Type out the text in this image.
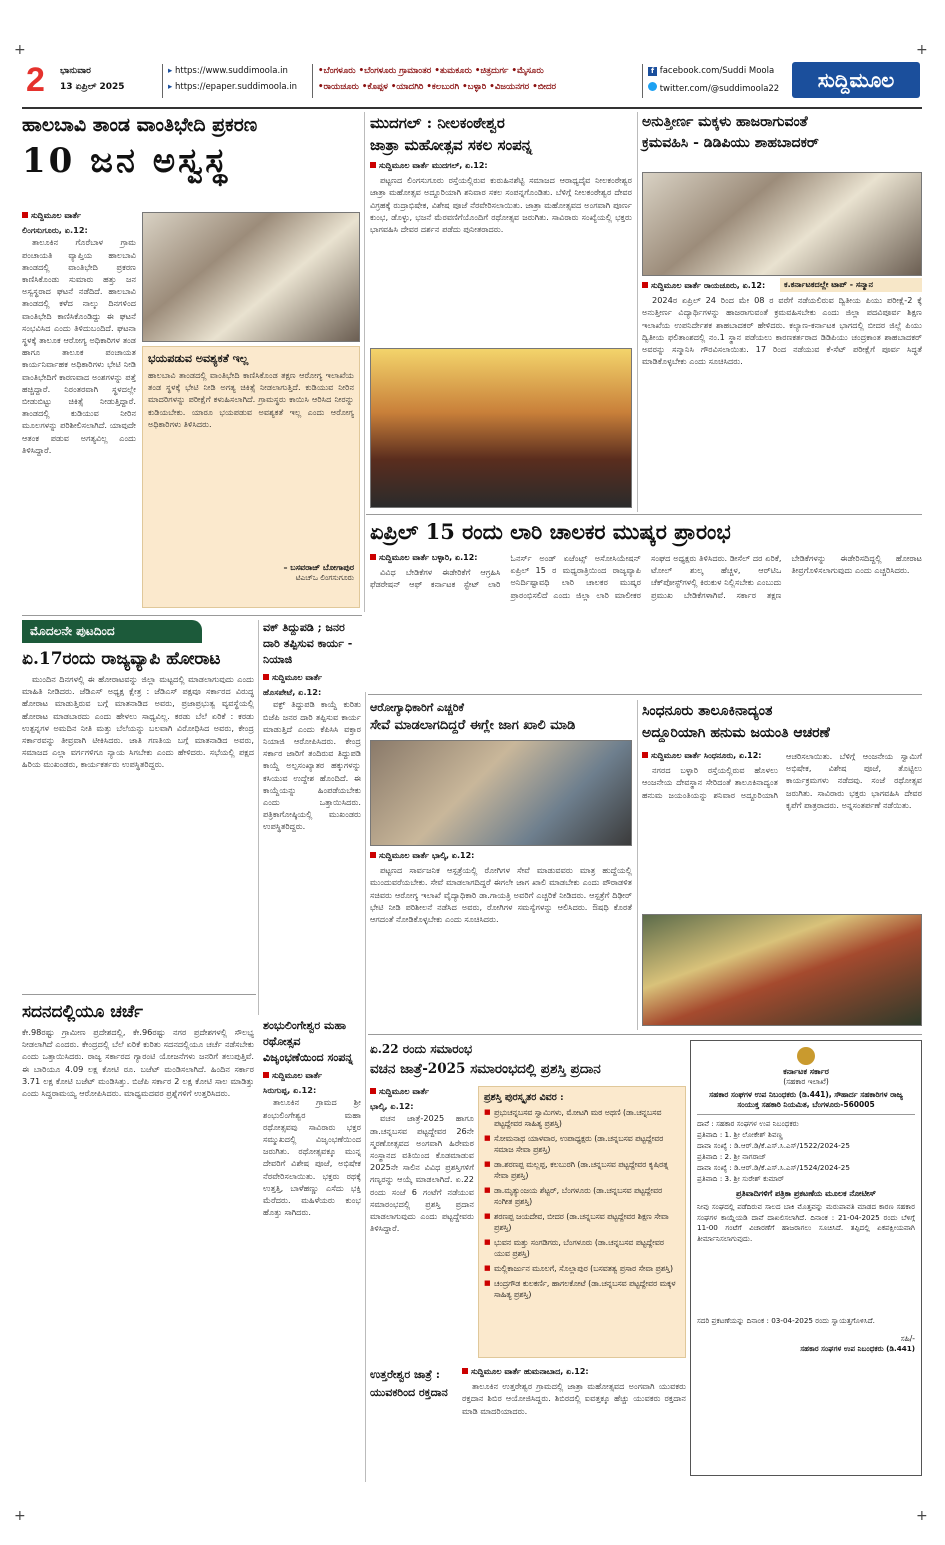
+	+
+	+
2 ಭಾನುವಾರ
13 ಏಪ್ರಿಲ್ 2025
▸ https://www.suddimoola.in
▸ https://epaper.suddimoola.in
•ಬೆಂಗಳೂರು •ಬೆಂಗಳೂರು ಗ್ರಾಮಾಂತರ •ತುಮಕೂರು •ಚಿತ್ರದುರ್ಗ •ಮೈಸೂರು
•ರಾಯಚೂರು •ಕೊಪ್ಪಳ •ಯಾದಗಿರಿ •ಕಲಬುರಗಿ •ಬಳ್ಳಾರಿ •ವಿಜಯನಗರ •ಬೀದರ
f facebook.com/Suddi Moola
twitter.com/@suddimoola22	ಸುದ್ದಿಮೂಲ
ಹಾಲಬಾವಿ ತಾಂಡ ವಾಂತಿಭೇದಿ ಪ್ರಕರಣ
10 ಜನ ಅಸ್ವಸ್ಥ
ಸುದ್ದಿಮೂಲ ವಾರ್ತೆ
ಲಿಂಗಸುಗೂರು, ಏ.12:

ತಾಲೂಕಿನ ಗೊರೆಬಾಳ ಗ್ರಾಮ ಪಂಚಾಯತಿ ವ್ಯಾಪ್ತಿಯ ಹಾಲಬಾವಿ ತಾಂಡದಲ್ಲಿ ವಾಂತಿಭೇದಿ ಪ್ರಕರಣ ಕಾಣಿಸಿಕೊಂಡು ಸುಮಾರು ಹತ್ತು ಜನ ಅಸ್ವಸ್ಥರಾದ ಘಟನೆ ನಡೆದಿದೆ. ಹಾಲಬಾವಿ ತಾಂಡದಲ್ಲಿ ಕಳೆದ ನಾಲ್ಕು ದಿನಗಳಿಂದ ವಾಂತಿಭೇದಿ ಕಾಣಿಸಿಕೊಂಡಿದ್ದು ಈ ಘಟನೆ ಸಂಭವಿಸಿದ ಎಂದು ತಿಳಿದುಬಂದಿದೆ. ಘಟನಾ ಸ್ಥಳಕ್ಕೆ ತಾಲೂಕ ಆರೋಗ್ಯ ಅಧಿಕಾರಿಗಳ ತಂಡ ಹಾಗೂ ತಾಲೂಕ ಪಂಚಾಯತ ಕಾರ್ಯನಿರ್ವಾಹಕ ಅಧಿಕಾರಿಗಳು ಭೇಟಿ ನೀಡಿ ವಾಂತಿಭೇದಿಗೆ ಕಾರಣವಾದ ಅಂಶಗಳನ್ನು ಪತ್ತೆ ಹಚ್ಚಿದ್ದಾರೆ. ನಿರಂತರವಾಗಿ ಸ್ಥಳದಲ್ಲೇ ಬೀಡುಬಿಟ್ಟು ಚಿಕಿತ್ಸೆ ನೀಡುತ್ತಿದ್ದಾರೆ. ತಾಂಡದಲ್ಲಿ ಕುಡಿಯುವ ನೀರಿನ ಮೂಲಗಳನ್ನು ಪರಿಶೀಲಿಸಲಾಗಿದೆ. ಯಾವುದೇ ಆತಂಕ ಪಡುವ ಅಗತ್ಯವಿಲ್ಲ ಎಂದು ತಿಳಿಸಿದ್ದಾರೆ.

ಭಯಪಡುವ ಅವಶ್ಯಕತೆ ಇಲ್ಲ
ಹಾಲಬಾವಿ ತಾಂಡದಲ್ಲಿ ವಾಂತಿಭೇದಿ ಕಾಣಿಸಿಕೊಂಡ ತಕ್ಷಣ ಆರೋಗ್ಯ ಇಲಾಖೆಯ ತಂಡ ಸ್ಥಳಕ್ಕೆ ಭೇಟಿ ನೀಡಿ ಅಗತ್ಯ ಚಿಕಿತ್ಸೆ ನೀಡಲಾಗುತ್ತಿದೆ. ಕುಡಿಯುವ ನೀರಿನ ಮಾದರಿಗಳನ್ನು ಪರೀಕ್ಷೆಗೆ ಕಳುಹಿಸಲಾಗಿದೆ. ಗ್ರಾಮಸ್ಥರು ಕಾಯಿಸಿ ಆರಿಸಿದ ನೀರನ್ನು ಕುಡಿಯಬೇಕು. ಯಾರೂ ಭಯಪಡುವ ಅವಶ್ಯಕತೆ ಇಲ್ಲ ಎಂದು ಆರೋಗ್ಯ ಅಧಿಕಾರಿಗಳು ತಿಳಿಸಿದರು.
– ಬಸವರಾಜ್ ಬೋಗಾಪುರ
ಟಿಎಚ್ಒ ಲಿಂಗಸುಗೂರು
ಮುದಗಲ್ : ನೀಲಕಂಠೇಶ್ವರ
ಜಾತ್ರಾ ಮಹೋತ್ಸವ ಸಕಲ ಸಂಪನ್ನ
ಸುದ್ದಿಮೂಲ ವಾರ್ತೆ ಮುದಗಲ್, ಏ.12:

ಪಟ್ಟಣದ ಲಿಂಗಸುಗೂರು ರಸ್ತೆಯಲ್ಲಿರುವ ಕುರುಹಿನಶೆಟ್ಟಿ ಸಮಾಜದ ಆರಾಧ್ಯದೈವ ನೀಲಕಂಠೇಶ್ವರ ಜಾತ್ರಾ ಮಹೋತ್ಸವ ಅದ್ದೂರಿಯಾಗಿ ಶನಿವಾರ ಸಕಲ ಸಂಪನ್ನಗೊಂಡಿತು. ಬೆಳಿಗ್ಗೆ ನೀಲಕಂಠೇಶ್ವರ ದೇವರ ವಿಗ್ರಹಕ್ಕೆ ರುದ್ರಾಭಿಷೇಕ, ವಿಶೇಷ ಪೂಜೆ ನೆರವೇರಿಸಲಾಯಿತು. ಜಾತ್ರಾ ಮಹೋತ್ಸವದ ಅಂಗವಾಗಿ ಪೂರ್ಣ ಕುಂಭ, ಡೊಳ್ಳು, ಭಜನೆ ಮೆರವಣಿಗೆಯೊಂದಿಗೆ ರಥೋತ್ಸವ ಜರುಗಿತು. ಸಾವಿರಾರು ಸಂಖ್ಯೆಯಲ್ಲಿ ಭಕ್ತರು ಭಾಗವಹಿಸಿ ದೇವರ ದರ್ಶನ ಪಡೆದು ಪುನೀತರಾದರು.

ಅನುತ್ತೀರ್ಣ ಮಕ್ಕಳು ಹಾಜರಾಗುವಂತೆ
ಕ್ರಮವಹಿಸಿ - ಡಿಡಿಪಿಯು ಶಾಹಬಾದಕರ್
ಕ.ಕರ್ನಾಟಕದಲ್ಲೇ ಟಾಪ್ - ಸನ್ಮಾನ
ಸುದ್ದಿಮೂಲ ವಾರ್ತೆ ರಾಯಚೂರು, ಏ.12:

2024ರ ಏಪ್ರಿಲ್ 24 ರಿಂದ ಮೇ 08 ರ ವರೆಗೆ ನಡೆಯಲಿರುವ ದ್ವಿತೀಯ ಪಿಯು ಪರೀಕ್ಷೆ-2 ಕ್ಕೆ ಅನುತ್ತೀರ್ಣ ವಿದ್ಯಾರ್ಥಿಗಳನ್ನು ಹಾಜರಾಗುವಂತೆ ಕ್ರಮವಹಿಸಬೇಕು ಎಂದು ಜಿಲ್ಲಾ ಪದವಿಪೂರ್ವ ಶಿಕ್ಷಣ ಇಲಾಖೆಯ ಉಪನಿರ್ದೇಶಕ ಶಾಹಬಾದಕರ್ ಹೇಳಿದರು. ಕಲ್ಯಾಣ-ಕರ್ನಾಟಕ ಭಾಗದಲ್ಲಿ ಬೀದರ ಜಿಲ್ಲೆ ಪಿಯು ದ್ವಿತೀಯ ಫಲಿತಾಂಶದಲ್ಲಿ ನಂ.1 ಸ್ಥಾನ ಪಡೆಯಲು ಕಾರಣಕರ್ತರಾದ ಡಿಡಿಪಿಯು ಚಂದ್ರಕಾಂತ ಶಾಹಬಾದಕರ್ ಅವರನ್ನು ಸನ್ಮಾನಿಸಿ ಗೌರವಿಸಲಾಯಿತು. 17 ರಿಂದ ನಡೆಯುವ ಕೆ-ಸೆಟ್ ಪರೀಕ್ಷೆಗೆ ಪೂರ್ವ ಸಿದ್ಧತೆ ಮಾಡಿಕೊಳ್ಳಬೇಕು ಎಂದು ಸೂಚಿಸಿದರು.

ಏಪ್ರಿಲ್ 15 ರಂದು ಲಾರಿ ಚಾಲಕರ ಮುಷ್ಕರ ಪ್ರಾರಂಭ
ಸುದ್ದಿಮೂಲ ವಾರ್ತೆ ಬಳ್ಳಾರಿ, ಏ.12:

ವಿವಿಧ ಬೇಡಿಕೆಗಳ ಈಡೇರಿಕೆಗೆ ಆಗ್ರಹಿಸಿ ಫೆಡರೇಷನ್ ಆಫ್ ಕರ್ನಾಟಕ ಸ್ಟೇಟ್ ಲಾರಿ ಓನರ್ಸ್ ಅಂಡ್ ಏಜೆಂಟ್ಸ್ ಅಸೋಸಿಯೇಷನ್ ಏಪ್ರಿಲ್ 15 ರ ಮಧ್ಯರಾತ್ರಿಯಿಂದ ರಾಜ್ಯವ್ಯಾಪಿ ಅನಿರ್ದಿಷ್ಟಾವಧಿ ಲಾರಿ ಚಾಲಕರ ಮುಷ್ಕರ ಪ್ರಾರಂಭಿಸಲಿದೆ ಎಂದು ಜಿಲ್ಲಾ ಲಾರಿ ಮಾಲೀಕರ ಸಂಘದ ಅಧ್ಯಕ್ಷರು ತಿಳಿಸಿದರು. ಡೀಸೆಲ್ ದರ ಏರಿಕೆ, ಟೋಲ್ ಶುಲ್ಕ ಹೆಚ್ಚಳ, ಆರ್‌ಟಿಒ ಚೆಕ್‌ಪೋಸ್ಟ್‌ಗಳಲ್ಲಿ ಕಿರುಕುಳ ನಿಲ್ಲಿಸಬೇಕು ಎಂಬುದು ಪ್ರಮುಖ ಬೇಡಿಕೆಗಳಾಗಿವೆ. ಸರ್ಕಾರ ತಕ್ಷಣ ಬೇಡಿಕೆಗಳನ್ನು ಈಡೇರಿಸದಿದ್ದಲ್ಲಿ ಹೋರಾಟ ತೀವ್ರಗೊಳಿಸಲಾಗುವುದು ಎಂದು ಎಚ್ಚರಿಸಿದರು.

ಮೊದಲನೇ ಪುಟದಿಂದ
ಏ.17ರಂದು ರಾಜ್ಯವ್ಯಾಪಿ ಹೋರಾಟ
ಮುಂದಿನ ದಿನಗಳಲ್ಲಿ ಈ ಹೋರಾಟವನ್ನು ಜಿಲ್ಲಾ ಮಟ್ಟದಲ್ಲಿ ಮಾಡಲಾಗುವುದು ಎಂದು ಮಾಹಿತಿ ನೀಡಿದರು. ಜೆಡಿಎಸ್ ಅಧ್ಯಕ್ಷ ಕ್ಷೇತ್ರ : ಜೆಡಿಎಸ್ ಪಕ್ಷವೂ ಸರ್ಕಾರದ ವಿರುದ್ಧ ಹೋರಾಟ ಮಾಡುತ್ತಿರುವ ಬಗ್ಗೆ ಮಾತನಾಡಿದ ಅವರು, ಪ್ರಜಾಪ್ರಭುತ್ವ ವ್ಯವಸ್ಥೆಯಲ್ಲಿ ಹೋರಾಟ ಮಾಡಬಾರದು ಎಂದು ಹೇಳಲು ಸಾಧ್ಯವಿಲ್ಲ. ಕರಡು ಬೆಲೆ ಏರಿಕೆ : ಕರಡು ಉತ್ಪನ್ನಗಳ ಅಮದಿನ ನೀತಿ ಮತ್ತು ಬೆಲೆಯನ್ನು ಬಲವಾಗಿ ವಿರೋಧಿಸಿದ ಅವರು, ಕೇಂದ್ರ ಸರ್ಕಾರವನ್ನು ತೀವ್ರವಾಗಿ ಟೀಕಿಸಿದರು. ಜಾತಿ ಗಣತಿಯ ಬಗ್ಗೆ ಮಾತನಾಡಿದ ಅವರು, ಸಮಾಜದ ಎಲ್ಲಾ ವರ್ಗಗಳಿಗೂ ನ್ಯಾಯ ಸಿಗಬೇಕು ಎಂದು ಹೇಳಿದರು. ಸಭೆಯಲ್ಲಿ ಪಕ್ಷದ ಹಿರಿಯ ಮುಖಂಡರು, ಕಾರ್ಯಕರ್ತರು ಉಪಸ್ಥಿತರಿದ್ದರು.
ವಕ್ ತಿದ್ದುಪಡಿ ; ಜನರ ದಾರಿ ತಪ್ಪಿಸುವ ಕಾರ್ಯ - ನಿಯಾಜಿ
ಸುದ್ದಿಮೂಲ ವಾರ್ತೆ
ಹೊಸಪೇಟೆ, ಏ.12:

ವಕ್ಫ್ ತಿದ್ದುಪಡಿ ಕಾಯ್ದೆ ಕುರಿತು ಬಿಜೆಪಿ ಜನರ ದಾರಿ ತಪ್ಪಿಸುವ ಕಾರ್ಯ ಮಾಡುತ್ತಿದೆ ಎಂದು ಕೆಪಿಸಿಸಿ ವಕ್ತಾರ ನಿಯಾಜಿ ಆರೋಪಿಸಿದರು. ಕೇಂದ್ರ ಸರ್ಕಾರ ಜಾರಿಗೆ ತಂದಿರುವ ತಿದ್ದುಪಡಿ ಕಾಯ್ದೆ ಅಲ್ಪಸಂಖ್ಯಾತರ ಹಕ್ಕುಗಳನ್ನು ಕಸಿಯುವ ಉದ್ದೇಶ ಹೊಂದಿದೆ. ಈ ಕಾಯ್ದೆಯನ್ನು ಹಿಂಪಡೆಯಬೇಕು ಎಂದು ಒತ್ತಾಯಿಸಿದರು. ಪತ್ರಿಕಾಗೋಷ್ಠಿಯಲ್ಲಿ ಮುಖಂಡರು ಉಪಸ್ಥಿತರಿದ್ದರು.

ಸದನದಲ್ಲಿಯೂ ಚರ್ಚೆ
ಕೇ.98ರಷ್ಟು ಗ್ರಾಮೀಣ ಪ್ರದೇಶದಲ್ಲಿ, ಕೇ.96ರಷ್ಟು ನಗರ ಪ್ರದೇಶಗಳಲ್ಲಿ ಸೌಲಭ್ಯ ನೀಡಲಾಗಿದೆ ಎಂದರು. ಕೇಂದ್ರದಲ್ಲಿ ಬೆಲೆ ಏರಿಕೆ ಕುರಿತು ಸದನದಲ್ಲಿಯೂ ಚರ್ಚೆ ನಡೆಸಬೇಕು ಎಂದು ಒತ್ತಾಯಿಸಿದರು. ರಾಜ್ಯ ಸರ್ಕಾರದ ಗ್ಯಾರಂಟಿ ಯೋಜನೆಗಳು ಜನರಿಗೆ ತಲುಪುತ್ತಿವೆ. ಈ ಬಾರಿಯೂ 4.09 ಲಕ್ಷ ಕೋಟಿ ರೂ. ಬಜೆಟ್ ಮಂಡಿಸಲಾಗಿದೆ. ಹಿಂದಿನ ಸರ್ಕಾರ 3.71 ಲಕ್ಷ ಕೋಟಿ ಬಜೆಟ್ ಮಂಡಿಸಿತ್ತು. ಬಿಜೆಪಿ ಸರ್ಕಾರ 2 ಲಕ್ಷ ಕೋಟಿ ಸಾಲ ಮಾಡಿತ್ತು ಎಂದು ಸಿದ್ದರಾಮಯ್ಯ ಆರೋಪಿಸಿದರು. ಮಾಧ್ಯಮದವರ ಪ್ರಶ್ನೆಗಳಿಗೆ ಉತ್ತರಿಸಿದರು.
ಶಂಭುಲಿಂಗೇಶ್ವರ ಮಹಾ ರಥೋತ್ಸವ ವಿಜೃಂಭಣೆಯಿಂದ ಸಂಪನ್ನ
ಸುದ್ದಿಮೂಲ ವಾರ್ತೆ
ಸಿರುಗುಪ್ಪ, ಏ.12:

ತಾಲೂಕಿನ ಗ್ರಾಮದ ಶ್ರೀ ಶಂಭುಲಿಂಗೇಶ್ವರ ಮಹಾ ರಥೋತ್ಸವವು ಸಾವಿರಾರು ಭಕ್ತರ ಸಮ್ಮುಖದಲ್ಲಿ ವಿಜೃಂಭಣೆಯಿಂದ ಜರುಗಿತು. ರಥೋತ್ಸವಕ್ಕೂ ಮುನ್ನ ದೇವರಿಗೆ ವಿಶೇಷ ಪೂಜೆ, ಅಭಿಷೇಕ ನೆರವೇರಿಸಲಾಯಿತು. ಭಕ್ತರು ರಥಕ್ಕೆ ಉತ್ತತ್ತಿ, ಬಾಳೆಹಣ್ಣು ಎಸೆದು ಭಕ್ತಿ ಮೆರೆದರು. ಮಹಿಳೆಯರು ಕುಂಭ ಹೊತ್ತು ಸಾಗಿದರು.

ಆರೋಗ್ಯಾಧಿಕಾರಿಗೆ ಎಚ್ಚರಿಕೆ
ಸೇವೆ ಮಾಡಲಾಗದಿದ್ದರೆ ಈಗ್ಲೇ ಜಾಗ ಖಾಲಿ ಮಾಡಿ
ಸುದ್ದಿಮೂಲ ವಾರ್ತೆ ಭಾಲ್ಕಿ, ಏ.12:

ಪಟ್ಟಣದ ಸಾರ್ವಜನಿಕ ಆಸ್ಪತ್ರೆಯಲ್ಲಿ ರೋಗಿಗಳ ಸೇವೆ ಮಾಡುವವರು ಮಾತ್ರ ಹುದ್ದೆಯಲ್ಲಿ ಮುಂದುವರೆಯಬೇಕು. ಸೇವೆ ಮಾಡಲಾಗದಿದ್ದರೆ ಈಗಲೇ ಜಾಗ ಖಾಲಿ ಮಾಡಬೇಕು ಎಂದು ಪೌರಾಡಳಿತ ಸಚಿವರು ಆರೋಗ್ಯ ಇಲಾಖೆ ವೈದ್ಯಾಧಿಕಾರಿ ಡಾ.ಗಾಯತ್ರಿ ಅವರಿಗೆ ಎಚ್ಚರಿಕೆ ನೀಡಿದರು. ಆಸ್ಪತ್ರೆಗೆ ದಿಢೀರ್ ಭೇಟಿ ನೀಡಿ ಪರಿಶೀಲನೆ ನಡೆಸಿದ ಅವರು, ರೋಗಿಗಳ ಸಮಸ್ಯೆಗಳನ್ನು ಆಲಿಸಿದರು. ಔಷಧಿ ಕೊರತೆ ಆಗದಂತೆ ನೋಡಿಕೊಳ್ಳಬೇಕು ಎಂದು ಸೂಚಿಸಿದರು.

ಸಿಂಧನೂರು ತಾಲೂಕಿನಾದ್ಯಂತ
ಅದ್ದೂರಿಯಾಗಿ ಹನುಮ ಜಯಂತಿ ಆಚರಣೆ
ಸುದ್ದಿಮೂಲ ವಾರ್ತೆ ಸಿಂಧನೂರು, ಏ.12:

ನಗರದ ಬಳ್ಳಾರಿ ರಸ್ತೆಯಲ್ಲಿರುವ ಹೊಳಲು ಆಂಜನೇಯ ದೇವಸ್ಥಾನ ಸೇರಿದಂತೆ ತಾಲೂಕಿನಾದ್ಯಂತ ಹನುಮ ಜಯಂತಿಯನ್ನು ಶನಿವಾರ ಅದ್ದೂರಿಯಾಗಿ ಆಚರಿಸಲಾಯಿತು. ಬೆಳಿಗ್ಗೆ ಆಂಜನೇಯ ಸ್ವಾಮಿಗೆ ಅಭಿಷೇಕ, ವಿಶೇಷ ಪೂಜೆ, ತೊಟ್ಟಿಲು ಕಾರ್ಯಕ್ರಮಗಳು ನಡೆದವು. ಸಂಜೆ ರಥೋತ್ಸವ ಜರುಗಿತು. ಸಾವಿರಾರು ಭಕ್ತರು ಭಾಗವಹಿಸಿ ದೇವರ ಕೃಪೆಗೆ ಪಾತ್ರರಾದರು. ಅನ್ನಸಂತರ್ಪಣೆ ನಡೆಯಿತು.

ಏ.22 ರಂದು ಸಮಾರಂಭ
ವಚನ ಜಾತ್ರೆ-2025 ಸಮಾರಂಭದಲ್ಲಿ ಪ್ರಶಸ್ತಿ ಪ್ರದಾನ
ಸುದ್ದಿಮೂಲ ವಾರ್ತೆ
ಭಾಲ್ಕಿ, ಏ.12:

ವಚನ ಜಾತ್ರೆ-2025 ಹಾಗೂ ಡಾ.ಚನ್ನಬಸವ ಪಟ್ಟದ್ದೇವರ 26ನೇ ಸ್ಮರಣೋತ್ಸವದ ಅಂಗವಾಗಿ ಹಿರೇಮಠ ಸಂಸ್ಥಾನದ ವತಿಯಿಂದ ಕೊಡಮಾಡುವ 2025ನೇ ಸಾಲಿನ ವಿವಿಧ ಪ್ರಶಸ್ತಿಗಳಿಗೆ ಗಣ್ಯರನ್ನು ಆಯ್ಕೆ ಮಾಡಲಾಗಿದೆ. ಏ.22 ರಂದು ಸಂಜೆ 6 ಗಂಟೆಗೆ ನಡೆಯುವ ಸಮಾರಂಭದಲ್ಲಿ ಪ್ರಶಸ್ತಿ ಪ್ರದಾನ ಮಾಡಲಾಗುವುದು ಎಂದು ಪಟ್ಟದ್ದೇವರು ತಿಳಿಸಿದ್ದಾರೆ.

ಪ್ರಶಸ್ತಿ ಪುರಸ್ಕೃತರ ವಿವರ :
■ ಪ್ರಭುಚನ್ನಬಸವ ಸ್ವಾಮಿಗಳು, ಮೋಟಗಿ ಮಠ ಅಥಣಿ (ಡಾ.ಚನ್ನಬಸವ ಪಟ್ಟದ್ದೇವರ ಸಾಹಿತ್ಯ ಪ್ರಶಸ್ತಿ)
■ ಸೋಮನಾಥ ಯಾಳವಾರ, ಉಪಾಧ್ಯಕ್ಷರು (ಡಾ.ಚನ್ನಬಸವ ಪಟ್ಟದ್ದೇವರ ಸಮಾಜ ಸೇವಾ ಪ್ರಶಸ್ತಿ)
■ ಡಾ.ಶರಣಪ್ಪ ಮಲ್ಲಪ್ಪ, ಕಲಬುರಗಿ (ಡಾ.ಚನ್ನಬಸವ ಪಟ್ಟದ್ದೇವರ ಕೃಷಿರತ್ನ ಸೇವಾ ಪ್ರಶಸ್ತಿ)
■ ಡಾ.ಮೃತ್ಯುಂಜಯ ಶೆಟ್ಟರ್, ಬೆಂಗಳೂರು (ಡಾ.ಚನ್ನಬಸವ ಪಟ್ಟದ್ದೇವರ ಸಂಗೀತ ಪ್ರಶಸ್ತಿ)
■ ಶರಣಪ್ಪ ಜಯದೇವ, ಬೀದರ (ಡಾ.ಚನ್ನಬಸವ ಪಟ್ಟದ್ದೇವರ ಶಿಕ್ಷಣ ಸೇವಾ ಪ್ರಶಸ್ತಿ)
■ ಭುವನ ಮತ್ತು ಸಂಗಡಿಗರು, ಬೆಂಗಳೂರು (ಡಾ.ಚನ್ನಬಸವ ಪಟ್ಟದ್ದೇವರ ಯುವ ಪ್ರಶಸ್ತಿ)
■ ಮಲ್ಲಿಕಾರ್ಜುನ ಮೂಲಗೆ, ಸೊಲ್ಲಾಪುರ (ಬಸವತತ್ವ ಪ್ರಸಾರ ಸೇವಾ ಪ್ರಶಸ್ತಿ)
■ ಚಂದ್ರಗೌಡ ಕುಲಕರ್ಣಿ, ಹಾಗಲಕೋಟೆ (ಡಾ.ಚನ್ನಬಸವ ಪಟ್ಟದ್ದೇವರ ಮಕ್ಕಳ ಸಾಹಿತ್ಯ ಪ್ರಶಸ್ತಿ)
ಉತ್ತರೇಶ್ವರ ಜಾತ್ರೆ : ಯುವಕರಿಂದ ರಕ್ತದಾನ
ಸುದ್ದಿಮೂಲ ವಾರ್ತೆ ಹುಮನಾಬಾದ, ಏ.12:

ತಾಲೂಕಿನ ಉತ್ತರೇಶ್ವರ ಗ್ರಾಮದಲ್ಲಿ ಜಾತ್ರಾ ಮಹೋತ್ಸವದ ಅಂಗವಾಗಿ ಯುವಕರು ರಕ್ತದಾನ ಶಿಬಿರ ಆಯೋಜಿಸಿದ್ದರು. ಶಿಬಿರದಲ್ಲಿ ಐವತ್ತಕ್ಕೂ ಹೆಚ್ಚು ಯುವಕರು ರಕ್ತದಾನ ಮಾಡಿ ಮಾದರಿಯಾದರು.

ಕರ್ನಾಟಕ ಸರ್ಕಾರ
(ಸಹಕಾರ ಇಲಾಖೆ)
ಸಹಕಾರ ಸಂಘಗಳ ಉಪ ನಿಬಂಧಕರು (ಡಿ.441), ಸೌಹಾರ್ದ ಸಹಕಾರಿಗಳ ರಾಜ್ಯ ಸಂಯುಕ್ತ ಸಹಕಾರಿ ನಿಯಮಿತ, ಬೆಂಗಳೂರು-560005
ದಾವೆ : ಸಹಕಾರ ಸಂಘಗಳ ಉಪ ನಿಬಂಧಕರು
ಪ್ರತಿವಾದಿ : 1. ಶ್ರೀ ಲೋಕೇಶ್ ಶಿವಣ್ಣ
ದಾವಾ ಸಂಖ್ಯೆ : ಡಿ.ಆರ್.ಡಿ/ಕೆ.ಎಸ್.ಸಿ.ಎಸ್/1522/2024-25
ಪ್ರತಿವಾದಿ : 2. ಶ್ರೀ ನಾಗರಾಜ್
ದಾವಾ ಸಂಖ್ಯೆ : ಡಿ.ಆರ್.ಡಿ/ಕೆ.ಎಸ್.ಸಿ.ಎಸ್/1524/2024-25
ಪ್ರತಿವಾದಿ : 3. ಶ್ರೀ ಸುರೇಶ್ ಕುಮಾರ್
ಪ್ರತಿವಾದಿಗಳಿಗೆ ಪತ್ರಿಕಾ ಪ್ರಕಟಣೆಯ ಮೂಲಕ ನೋಟೀಸ್
ನೀವು ಸಂಘದಲ್ಲಿ ಪಡೆದಿರುವ ಸಾಲದ ಬಾಕಿ ಮೊತ್ತವನ್ನು ಮರುಪಾವತಿ ಮಾಡದ ಕಾರಣ ಸಹಕಾರ ಸಂಘಗಳ ಕಾಯ್ದೆಯಡಿ ದಾವೆ ದಾಖಲಿಸಲಾಗಿದೆ. ದಿನಾಂಕ : 21-04-2025 ರಂದು ಬೆಳಿಗ್ಗೆ 11-00 ಗಂಟೆಗೆ ವಿಚಾರಣೆಗೆ ಹಾಜರಾಗಲು ಸೂಚಿಸಿದೆ. ತಪ್ಪಿದಲ್ಲಿ ಏಕಪಕ್ಷೀಯವಾಗಿ ತೀರ್ಮಾನಿಸಲಾಗುವುದು.
ಸದರಿ ಪ್ರಕಟಣೆಯನ್ನು ದಿನಾಂಕ : 03-04-2025 ರಂದು ಸ್ವಾಯತ್ತಗೊಳಿಸಿದೆ.
ಸಹಿ/-
ಸಹಕಾರ ಸಂಘಗಳ ಉಪ ನಿಬಂಧಕರು (ಡಿ.441)
